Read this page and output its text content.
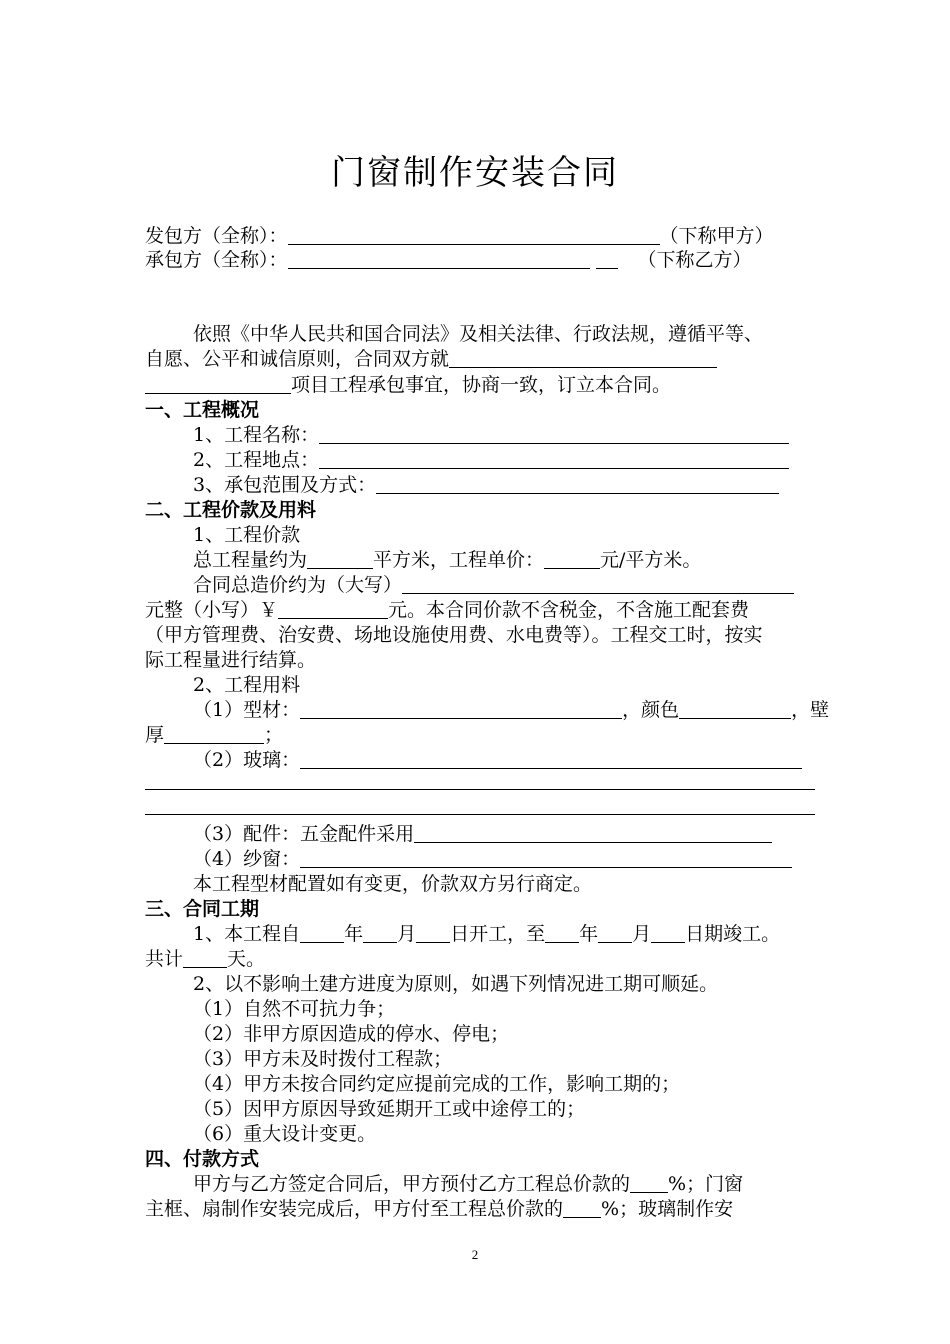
门窗制作安装合同
发包方（全称）：	（下称甲方）
承包方（全称）：	（下称乙方）
依照《中华人民共和国合同法》及相关法律、行政法规，遵循平等、
自愿、公平和诚信原则，合同双方就
项目工程承包事宜，协商一致，订立本合同。
一、工程概况
1、工程名称：
2、工程地点：
3、承包范围及方式：
二、工程价款及用料
1、工程价款
总工程量约为	平方米，工程单价：	元/平方米。
合同总造价约为（大写）
元整（小写）￥	元。本合同价款不含税金，不含施工配套费
（甲方管理费、治安费、场地设施使用费、水电费等）。工程交工时，按实
际工程量进行结算。
2、工程用料
（1）型材：	，颜色	，壁
厚	；
（2）玻璃：
（3）配件：五金配件采用
（4）纱窗：
本工程型材配置如有变更，价款双方另行商定。
三、合同工期
1、本工程自 年 月 日开工，至 年 月 日期竣工。
共计 天。
2、以不影响土建方进度为原则，如遇下列情况进工期可顺延。
（1）自然不可抗力争；
（2）非甲方原因造成的停水、停电；
（3）甲方未及时拨付工程款；
（4）甲方未按合同约定应提前完成的工作，影响工期的；
（5）因甲方原因导致延期开工或中途停工的；
（6）重大设计变更。
四、付款方式
甲方与乙方签定合同后，甲方预付乙方工程总价款的 %；门窗
主框、扇制作安装完成后，甲方付至工程总价款的 %；玻璃制作安
2
